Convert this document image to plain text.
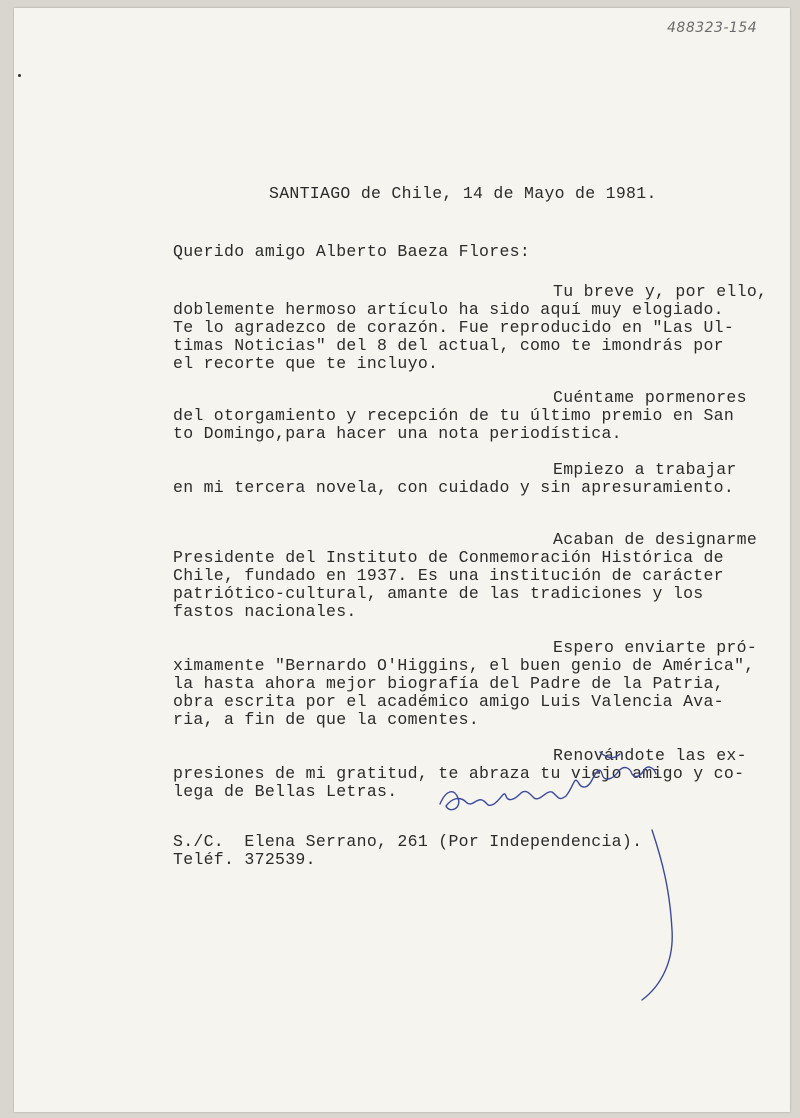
488323-154
SANTIAGO de Chile, 14 de Mayo de 1981.
Querido amigo Alberto Baeza Flores:
Tu breve y, por ello,
doblemente hermoso artículo ha sido aquí muy elogiado.
Te lo agradezco de corazón. Fue reproducido en "Las Ul-
timas Noticias" del 8 del actual, como te imondrás por
el recorte que te incluyo.
Cuéntame pormenores
del otorgamiento y recepción de tu último premio en San
to Domingo,para hacer una nota periodística.
Empiezo a trabajar
en mi tercera novela, con cuidado y sin apresuramiento.
Acaban de designarme
Presidente del Instituto de Conmemoración Histórica de
Chile, fundado en 1937. Es una institución de carácter
patriótico-cultural, amante de las tradiciones y los
fastos nacionales.
Espero enviarte pró-
ximamente "Bernardo O'Higgins, el buen genio de América",
la hasta ahora mejor biografía del Padre de la Patria,
obra escrita por el académico amigo Luis Valencia Ava-
ria, a fin de que la comentes.
Renovándote las ex-
presiones de mi gratitud, te abraza tu viejo amigo y co-
lega de Bellas Letras.
S./C.  Elena Serrano, 261 (Por Independencia).
Teléf. 372539.
